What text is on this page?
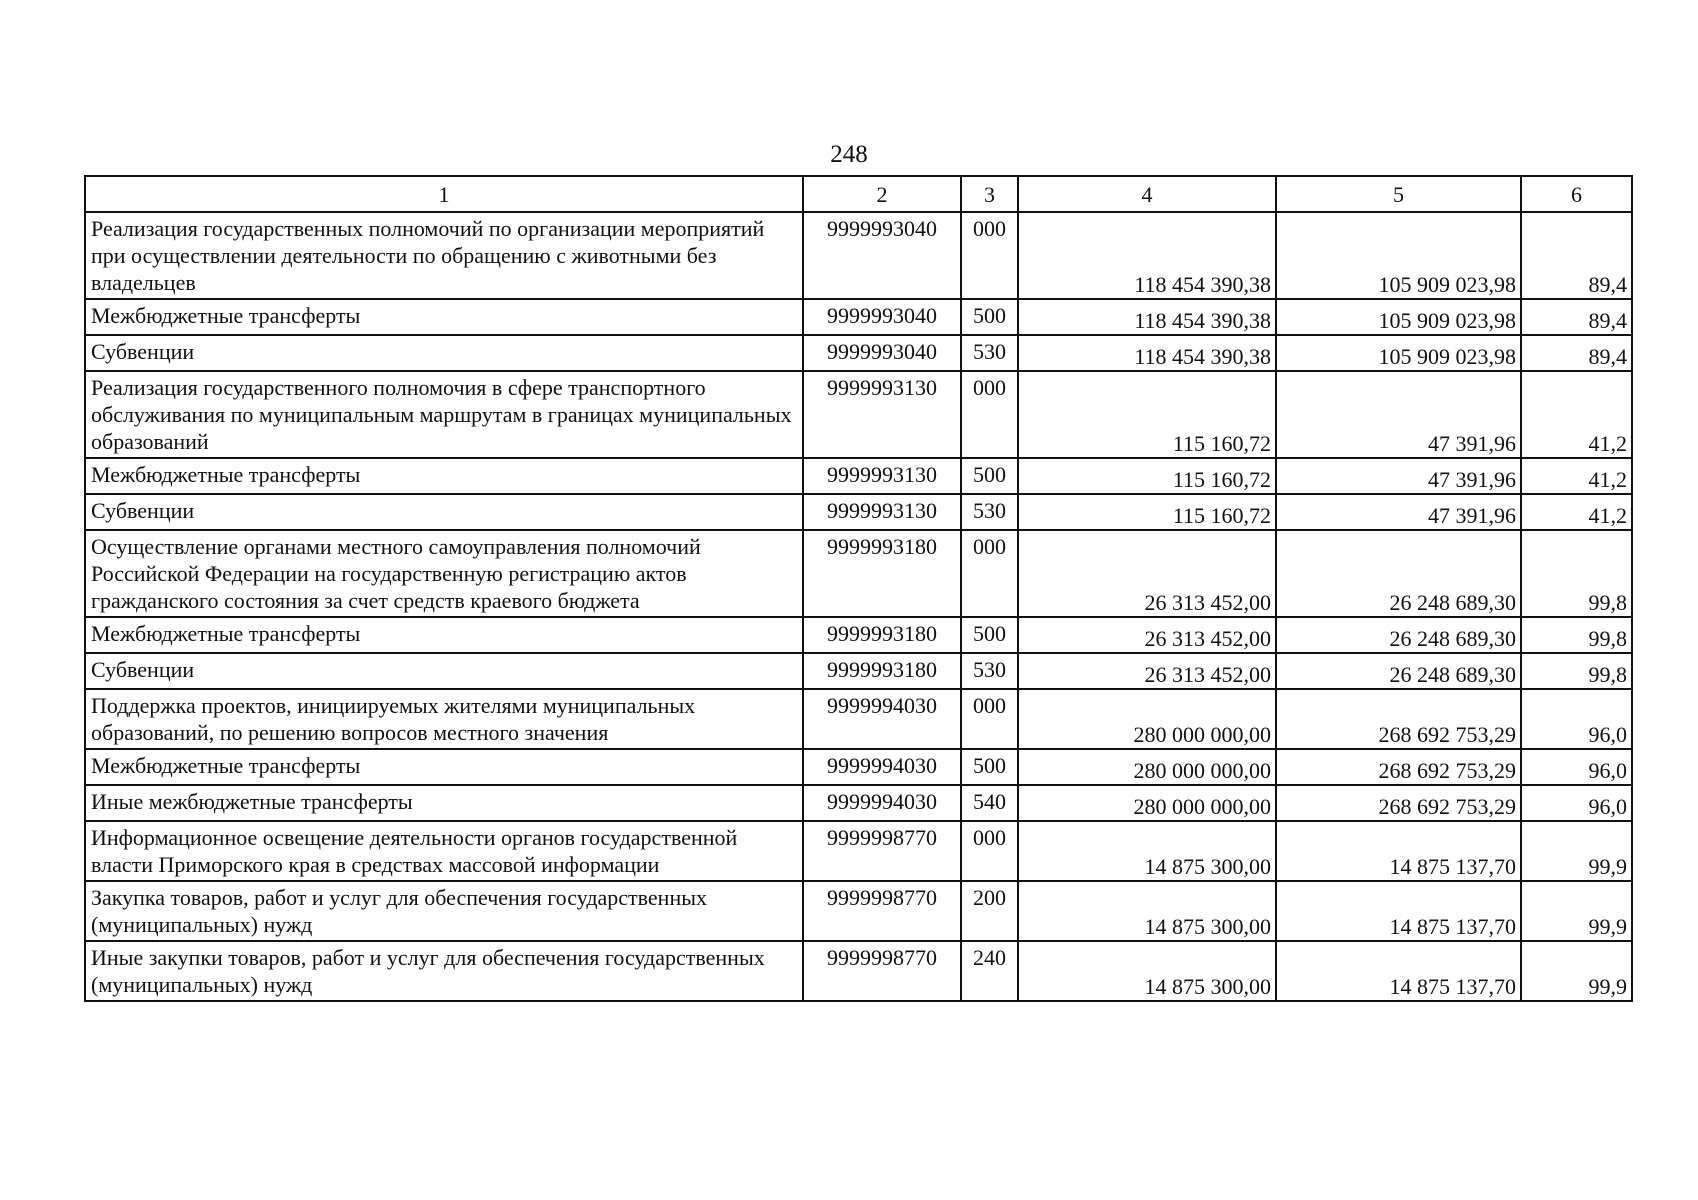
248
1	2	3	4	5	6
Реализация государственных полномочий по организации мероприятий при осуществлении деятельности по обращению с животными без владельцев	9999993040	000	118 454 390,38	105 909 023,98	89,4
Межбюджетные трансферты	9999993040	500	118 454 390,38	105 909 023,98	89,4
Субвенции	9999993040	530	118 454 390,38	105 909 023,98	89,4
Реализация государственного полномочия в сфере транспортного обслуживания по муниципальным маршрутам в границах муниципальных образований	9999993130	000	115 160,72	47 391,96	41,2
Межбюджетные трансферты	9999993130	500	115 160,72	47 391,96	41,2
Субвенции	9999993130	530	115 160,72	47 391,96	41,2
Осуществление органами местного самоуправления полномочий Российской Федерации на государственную регистрацию актов гражданского состояния за счет средств краевого бюджета	9999993180	000	26 313 452,00	26 248 689,30	99,8
Межбюджетные трансферты	9999993180	500	26 313 452,00	26 248 689,30	99,8
Субвенции	9999993180	530	26 313 452,00	26 248 689,30	99,8
Поддержка проектов, инициируемых жителями муниципальных образований, по решению вопросов местного значения	9999994030	000	280 000 000,00	268 692 753,29	96,0
Межбюджетные трансферты	9999994030	500	280 000 000,00	268 692 753,29	96,0
Иные межбюджетные трансферты	9999994030	540	280 000 000,00	268 692 753,29	96,0
Информационное освещение деятельности органов государственной власти Приморского края в средствах массовой информации	9999998770	000	14 875 300,00	14 875 137,70	99,9
Закупка товаров, работ и услуг для обеспечения государственных (муниципальных) нужд	9999998770	200	14 875 300,00	14 875 137,70	99,9
Иные закупки товаров, работ и услуг для обеспечения государственных (муниципальных) нужд	9999998770	240	14 875 300,00	14 875 137,70	99,9
